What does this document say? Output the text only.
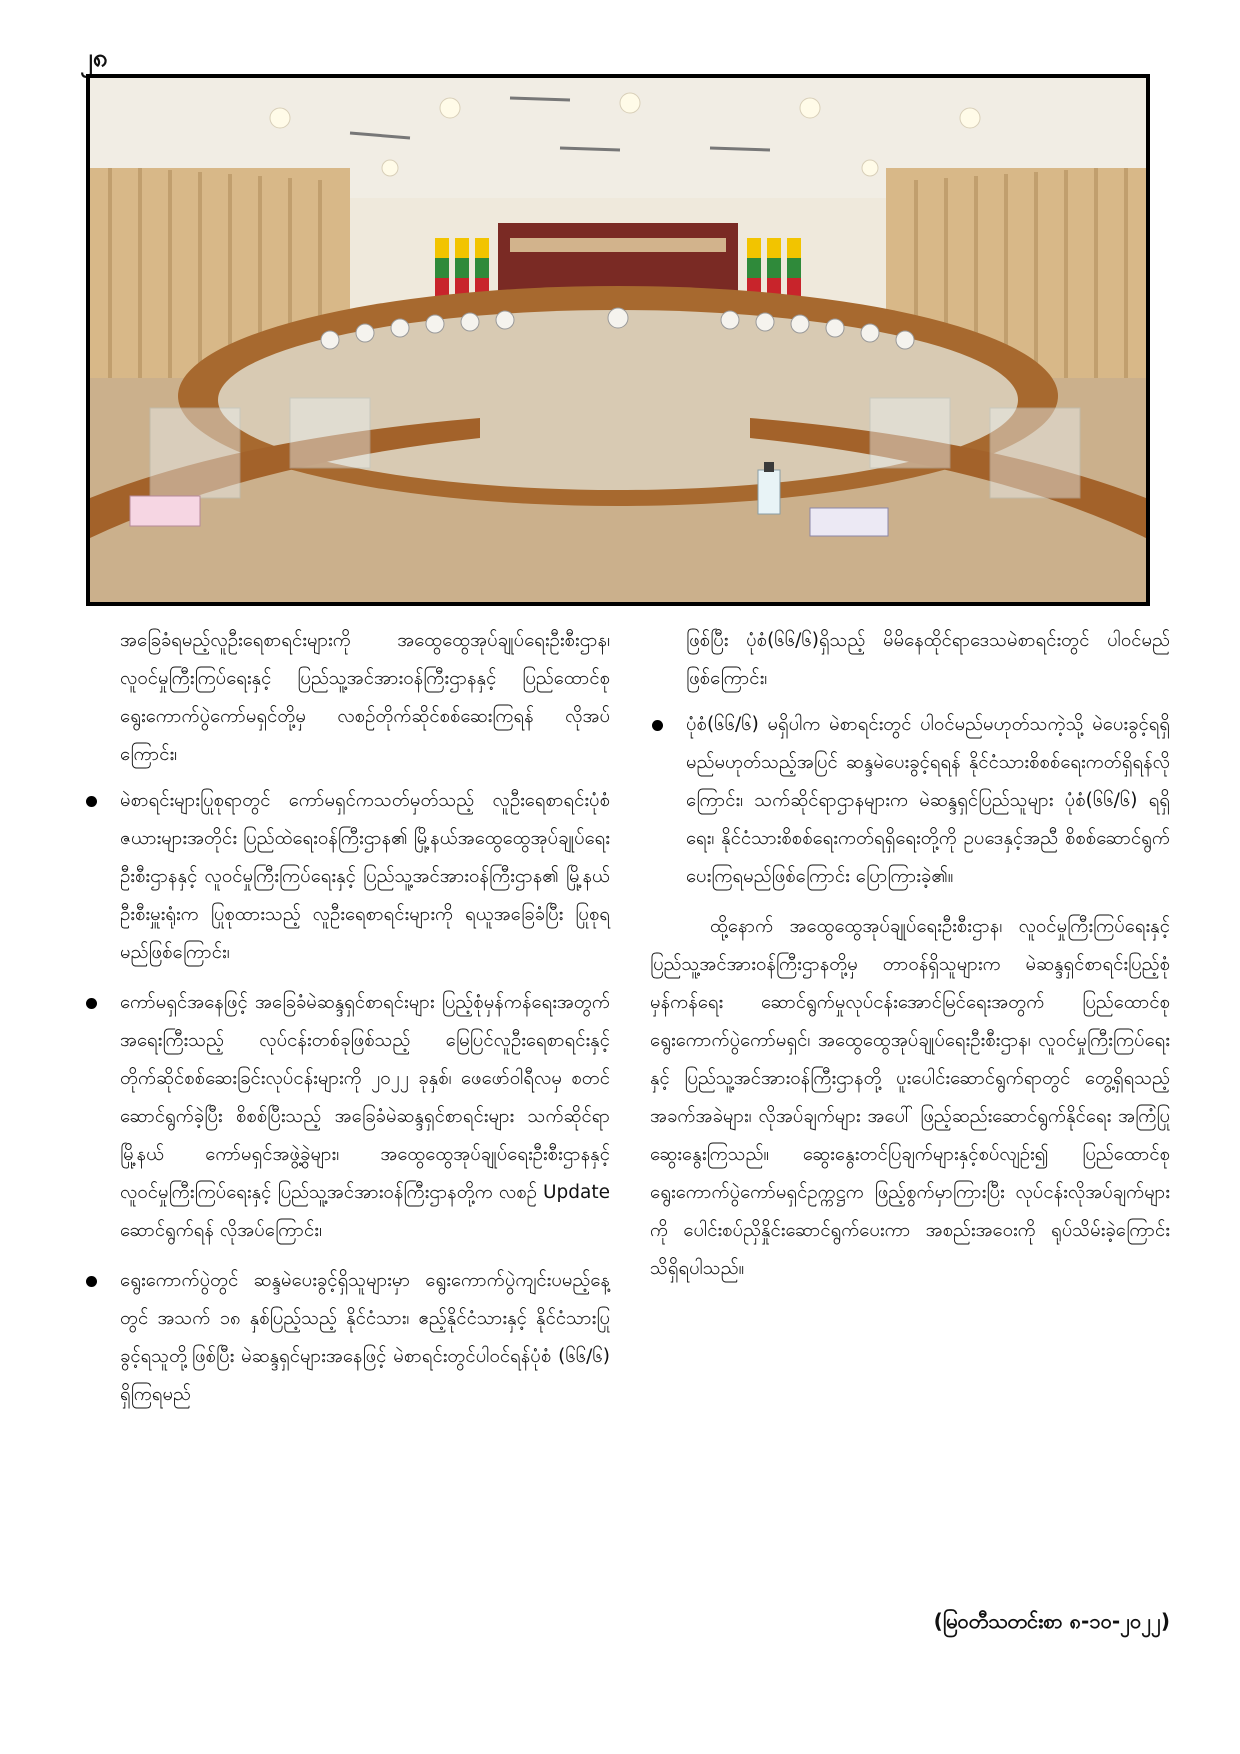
၂၈

အခြေခံရမည့်လူဦးရေစာရင်းများကို အထွေထွေအုပ်ချုပ်ရေးဦးစီးဌာန၊ လူဝင်မှုကြီးကြပ်ရေးနှင့် ပြည်သူ့အင်အားဝန်ကြီးဌာနနှင့် ပြည်ထောင်စုရွေးကောက်ပွဲကော်မရှင်တို့မှ လစဉ်တိုက်ဆိုင်စစ်ဆေးကြရန် လိုအပ်ကြောင်း၊

မဲစာရင်းများပြုစုရာတွင် ကော်မရှင်ကသတ်မှတ်သည့် လူဦးရေစာရင်းပုံစံဇယားများအတိုင်း ပြည်ထဲရေးဝန်ကြီးဌာန၏ မြို့နယ်အထွေထွေအုပ်ချုပ်ရေး ဦးစီးဌာနနှင့် လူဝင်မှုကြီးကြပ်ရေးနှင့် ပြည်သူ့အင်အားဝန်ကြီးဌာန၏ မြို့နယ်ဦးစီးမှူးရုံးက ပြုစုထားသည့် လူဦးရေစာရင်းများကို ရယူအခြေခံပြီး ပြုစုရမည်ဖြစ်ကြောင်း၊
ကော်မရှင်အနေဖြင့် အခြေခံမဲဆန္ဒရှင်စာရင်းများ ပြည့်စုံမှန်ကန်ရေးအတွက် အရေးကြီးသည့် လုပ်ငန်းတစ်ခုဖြစ်သည့် မြေပြင်လူဦးရေစာရင်းနှင့် တိုက်ဆိုင်စစ်ဆေးခြင်းလုပ်ငန်းများကို ၂၀၂၂ ခုနှစ်၊ ဖေဖော်ဝါရီလမှ စတင်ဆောင်ရွက်ခဲ့ပြီး စိစစ်ပြီးသည့် အခြေခံမဲဆန္ဒရှင်စာရင်းများ သက်ဆိုင်ရာမြို့နယ် ကော်မရှင်အဖွဲ့ခွဲများ၊ အထွေထွေအုပ်ချုပ်ရေးဦးစီးဌာနနှင့် လူဝင်မှုကြီးကြပ်ရေးနှင့် ပြည်သူ့အင်အားဝန်ကြီးဌာနတို့က လစဉ် Update ဆောင်ရွက်ရန် လိုအပ်ကြောင်း၊
ရွေးကောက်ပွဲတွင် ဆန္ဒမဲပေးခွင့်ရှိသူများမှာ ရွေးကောက်ပွဲကျင်းပမည့်နေ့တွင် အသက် ၁၈ နှစ်ပြည့်သည့် နိုင်ငံသား၊ ဧည့်နိုင်ငံသားနှင့် နိုင်ငံသားပြုခွင့်ရသူတို့ဖြစ်ပြီး မဲဆန္ဒရှင်များအနေဖြင့် မဲစာရင်းတွင်ပါဝင်ရန်ပုံစံ (၆၆/၆) ရှိကြရမည်

ဖြစ်ပြီး ပုံစံ(၆၆/၆)ရှိသည့် မိမိနေထိုင်ရာဒေသမဲစာရင်းတွင် ပါဝင်မည်ဖြစ်ကြောင်း၊

ပုံစံ(၆၆/၆) မရှိပါက မဲစာရင်းတွင် ပါဝင်မည်မဟုတ်သကဲ့သို့ မဲပေးခွင့်ရရှိမည်မဟုတ်သည့်အပြင် ဆန္ဒမဲပေးခွင့်ရရန် နိုင်ငံသားစိစစ်ရေးကတ်ရှိရန်လိုကြောင်း၊ သက်ဆိုင်ရာဌာနများက မဲဆန္ဒရှင်ပြည်သူများ ပုံစံ(၆၆/၆) ရရှိရေး၊ နိုင်ငံသားစိစစ်ရေးကတ်ရရှိရေးတို့ကို ဥပဒေနှင့်အညီ စိစစ်ဆောင်ရွက်ပေးကြရမည်ဖြစ်ကြောင်း ပြောကြားခဲ့၏။

ထို့နောက် အထွေထွေအုပ်ချုပ်ရေးဦးစီးဌာန၊ လူဝင်မှုကြီးကြပ်ရေးနှင့် ပြည်သူ့အင်အားဝန်ကြီးဌာနတို့မှ တာဝန်ရှိသူများက မဲဆန္ဒရှင်စာရင်းပြည့်စုံမှန်ကန်ရေး ဆောင်ရွက်မှုလုပ်ငန်းအောင်မြင်ရေးအတွက် ပြည်ထောင်စုရွေးကောက်ပွဲကော်မရှင်၊ အထွေထွေအုပ်ချုပ်ရေးဦးစီးဌာန၊ လူဝင်မှုကြီးကြပ်ရေးနှင့် ပြည်သူ့အင်အားဝန်ကြီးဌာနတို့ ပူးပေါင်းဆောင်ရွက်ရာတွင် တွေ့ရှိရသည့် အခက်အခဲများ၊ လိုအပ်ချက်များ အပေါ် ဖြည့်ဆည်းဆောင်ရွက်နိုင်ရေး အကြံပြုဆွေးနွေးကြသည်။ ဆွေးနွေးတင်ပြချက်များနှင့်စပ်လျဉ်း၍ ပြည်ထောင်စုရွေးကောက်ပွဲကော်မရှင်ဥက္ကဋ္ဌက ဖြည့်စွက်မှာကြားပြီး လုပ်ငန်းလိုအပ်ချက်များကို ပေါင်းစပ်ညှိနှိုင်းဆောင်ရွက်ပေးကာ အစည်းအဝေးကို ရုပ်သိမ်းခဲ့ကြောင်း သိရှိရပါသည်။

(မြဝတီသတင်းစာ ၈-၁၀-၂၀၂၂)
